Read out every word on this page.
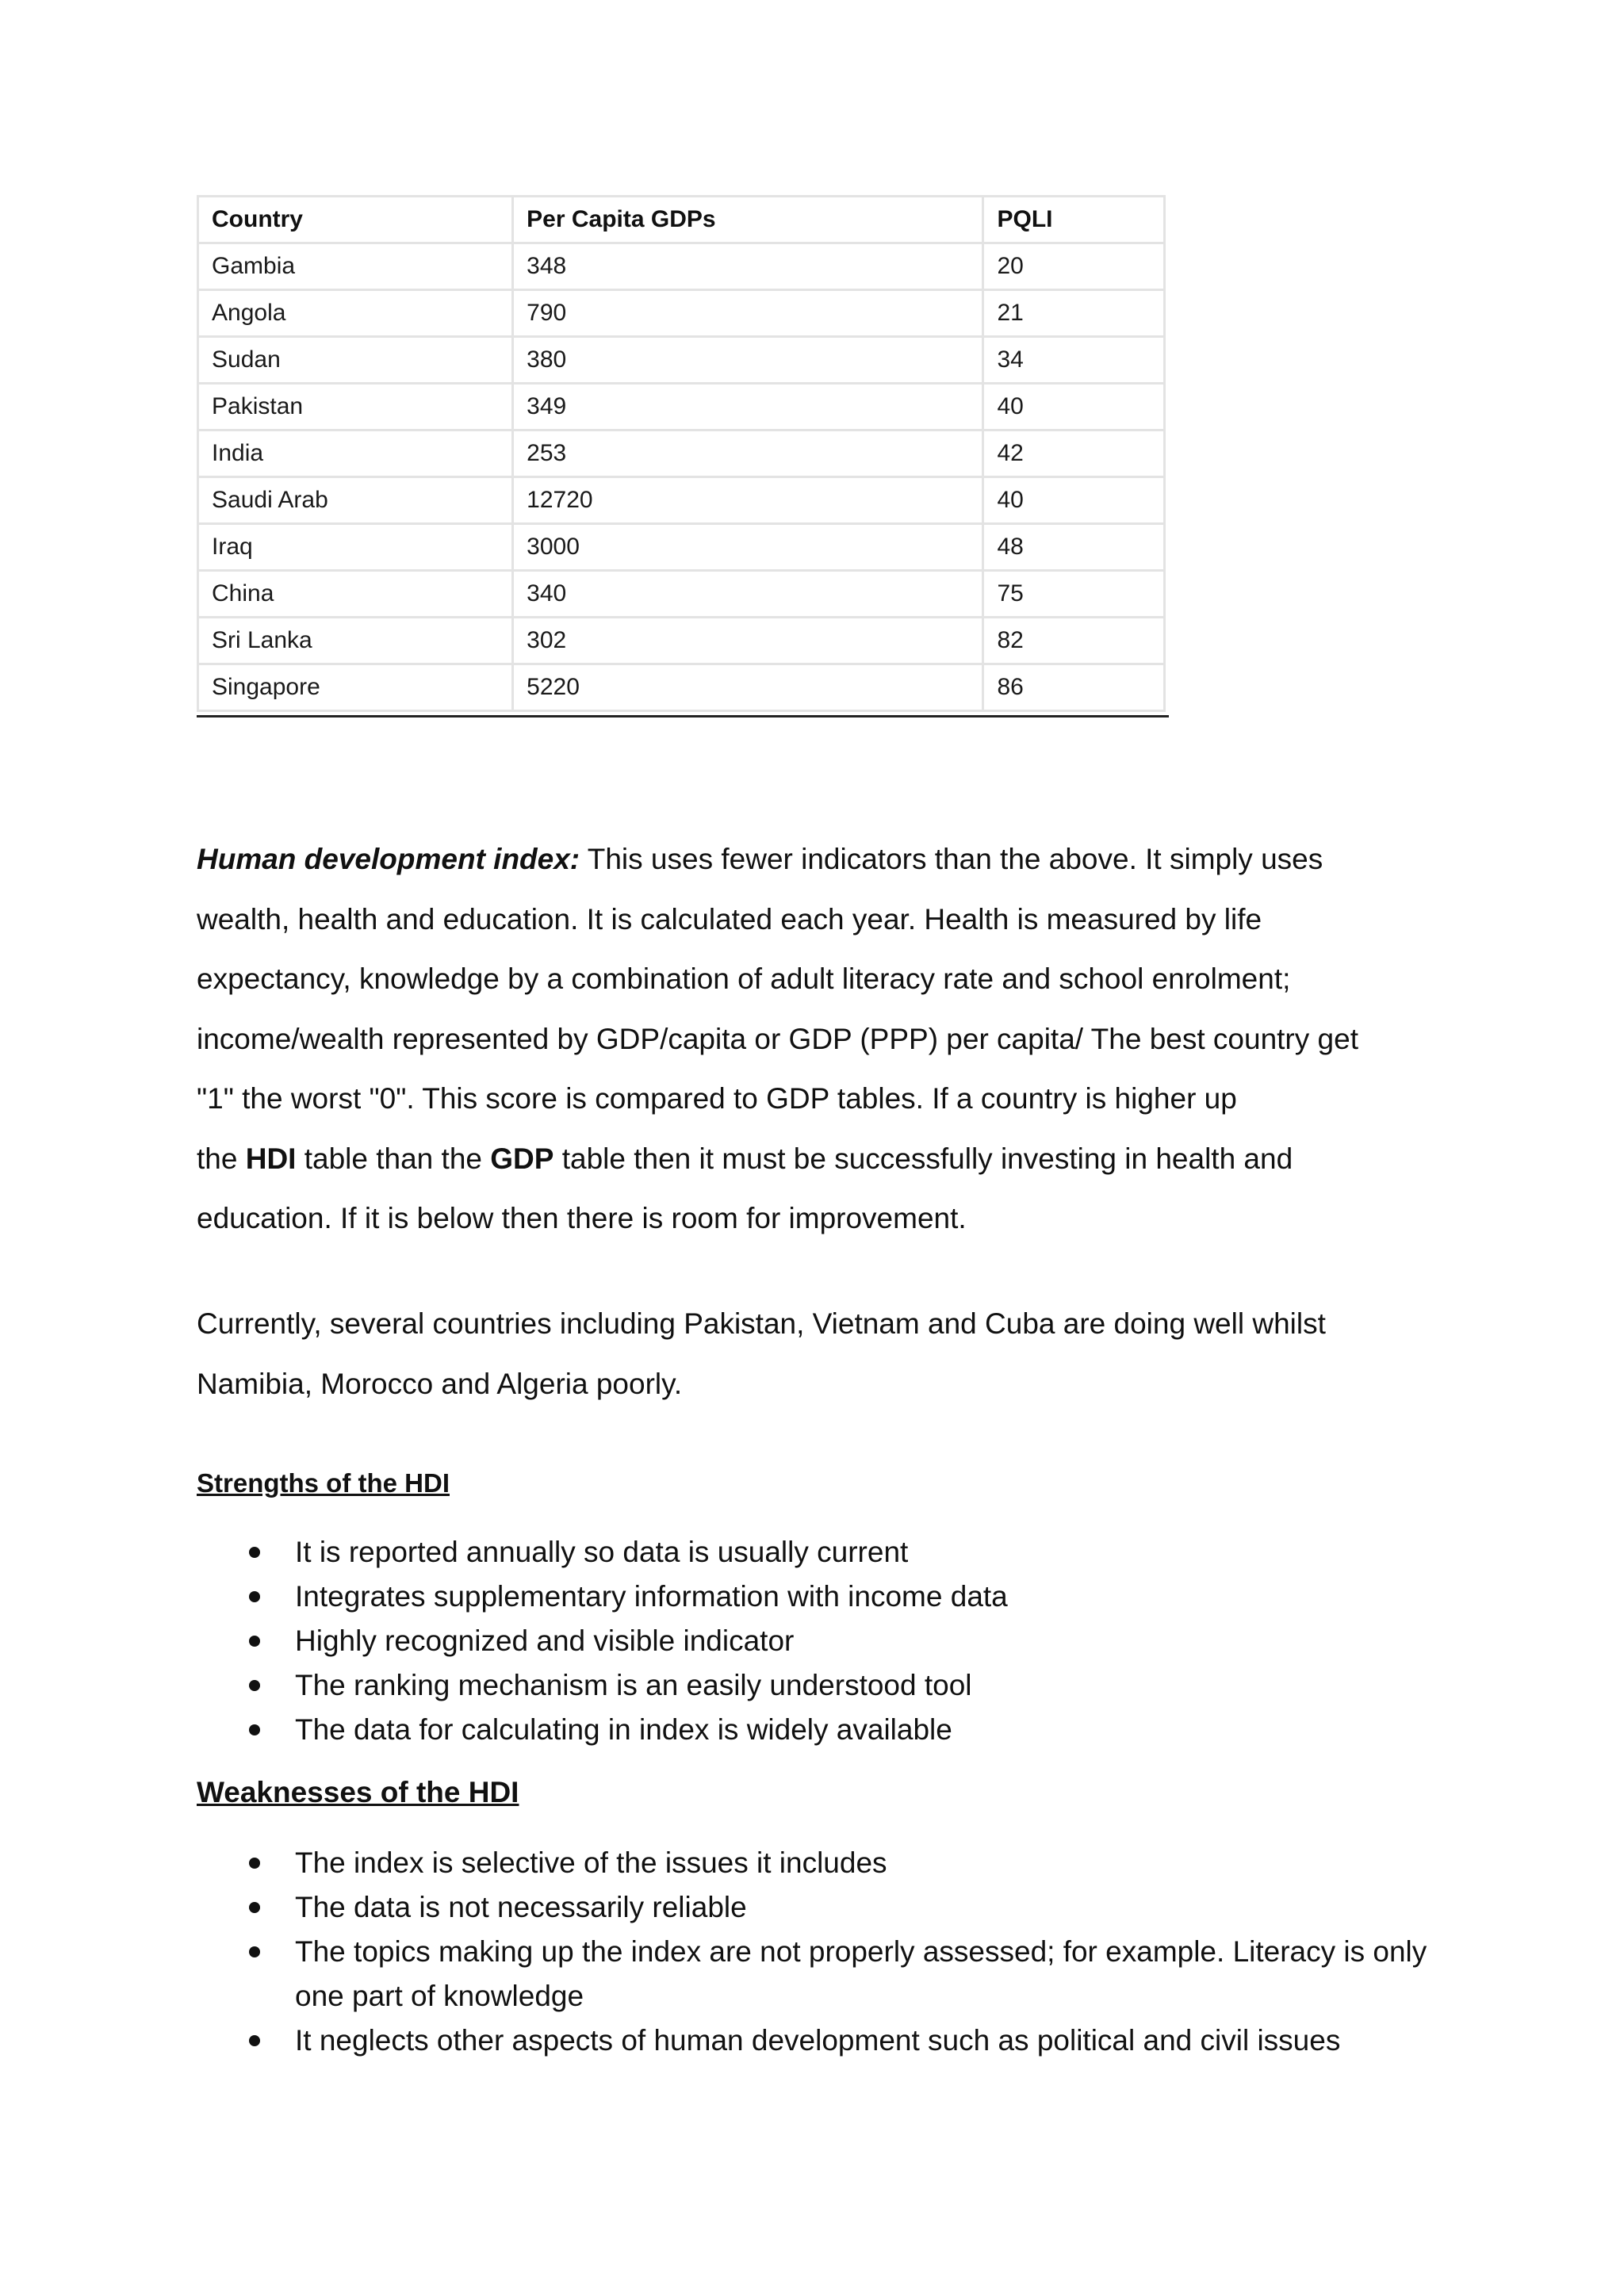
Country	Per Capita GDPs	PQLI
Gambia	348	20
Angola	790	21
Sudan	380	34
Pakistan	349	40
India	253	42
Saudi Arab	12720	40
Iraq	3000	48
China	340	75
Sri Lanka	302	82
Singapore	5220	86
Human development index: This uses fewer indicators than the above. It simply uses
wealth, health and education. It is calculated each year. Health is measured by life
expectancy, knowledge by a combination of adult literacy rate and school enrolment;
income/wealth represented by GDP/capita or GDP (PPP) per capita/ The best country get
"1" the worst "0". This score is compared to GDP tables. If a country is higher up
the HDI table than the GDP table then it must be successfully investing in health and
education. If it is below then there is room for improvement.
Currently, several countries including Pakistan, Vietnam and Cuba are doing well whilst
Namibia, Morocco and Algeria poorly.
Strengths of the HDI
It is reported annually so data is usually current
Integrates supplementary information with income data
Highly recognized and visible indicator
The ranking mechanism is an easily understood tool
The data for calculating in index is widely available
Weaknesses of the HDI
The index is selective of the issues it includes
The data is not necessarily reliable
The topics making up the index are not properly assessed; for example. Literacy is only one part of knowledge
It neglects other aspects of human development such as political and civil issues
